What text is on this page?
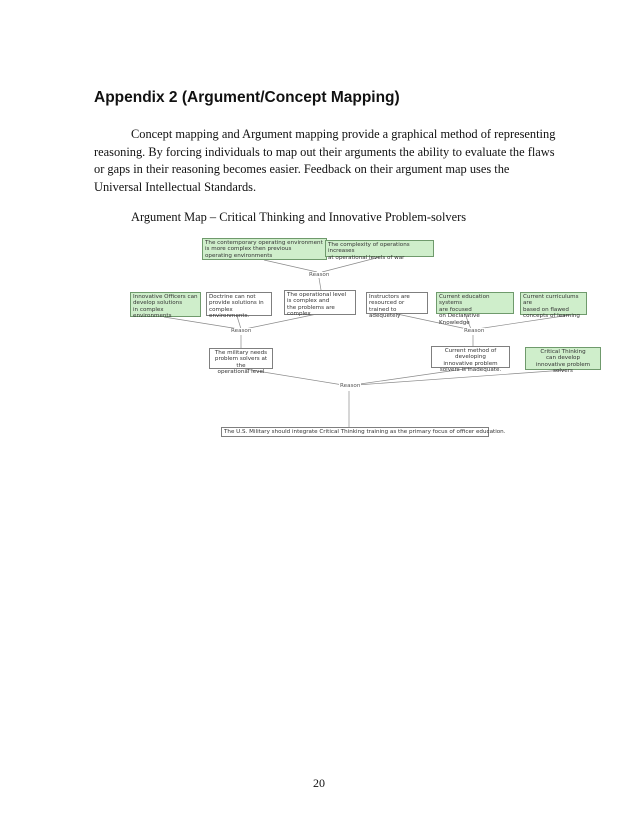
Appendix 2 (Argument/Concept Mapping)

Concept mapping and Argument mapping provide a graphical method of representing
reasoning. By forcing individuals to map out their arguments the ability to evaluate the flaws
or gaps in their reasoning becomes easier. Feedback on their argument map uses the
Universal Intellectual Standards.

Argument Map – Critical Thinking and Innovative Problem-solvers
The contemporary operating environment
is more complex then previous
operating environments
The complexity of operations increases
at operational levels of war
Reason
Innovative Officers can
develop solutions
in complex environments
Doctrine can not
provide solutions in
complex environments.
The operational level
is complex and
the problems are complex
Instructors are
resourced or
trained to adequetely
Current education systems
are focused
on Declarative Knowledge
Current curriculums are
based on flawed
concepts of learning
Reason	Reason
The military needs
problem solvers at the
operational level
Current method of developing
innovative problem
solvers is inadequate.
Critical Thinking
can develop
innovative problem solvers
Reason
The U.S. Military should integrate Critical Thinking training as the primary focus of officer education.
20
